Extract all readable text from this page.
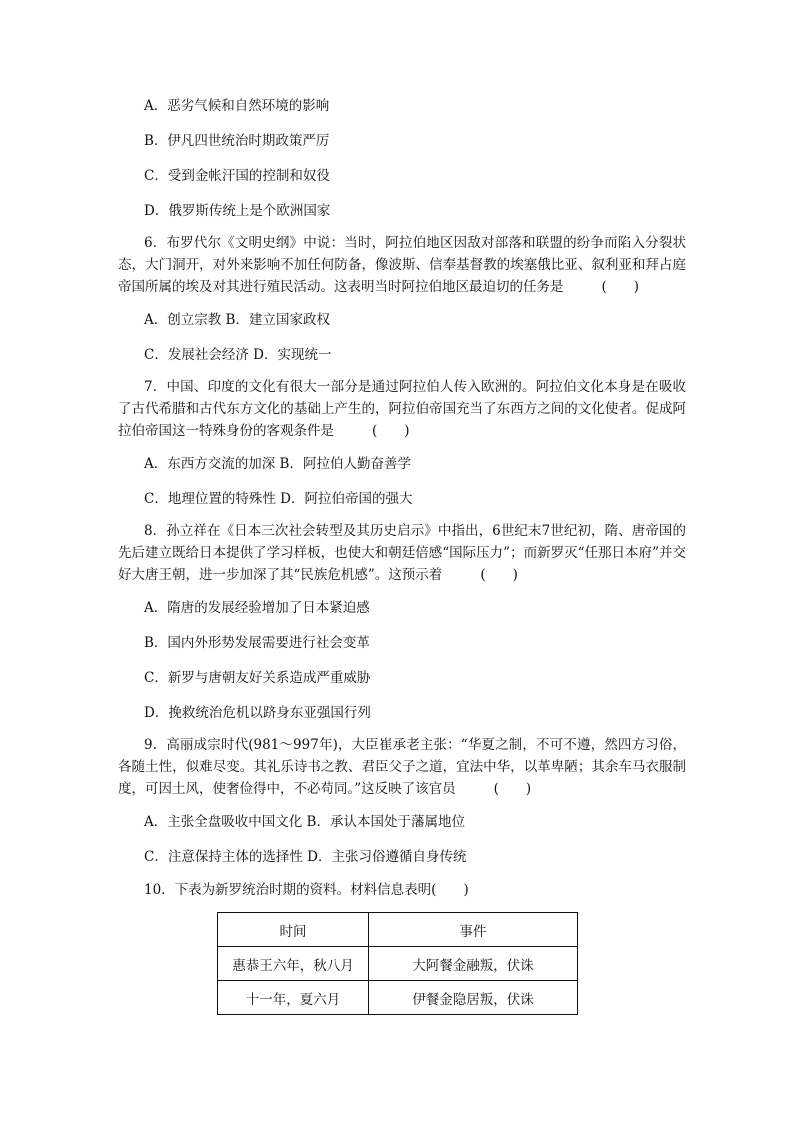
A．恶劣气候和自然环境的影响
B．伊凡四世统治时期政策严厉
C．受到金帐汗国的控制和奴役
D．俄罗斯传统上是个欧洲国家
6．布罗代尔《文明史纲》中说：当时，阿拉伯地区因敌对部落和联盟的纷争而陷入分裂状态，大门洞开，对外来影响不加任何防备，像波斯、信奉基督教的埃塞俄比亚、叙利亚和拜占庭帝国所属的埃及对其进行殖民活动。这表明当时阿拉伯地区最迫切的任务是	(　　)
A．创立宗教 B．建立国家政权
C．发展社会经济 D．实现统一
7．中国、印度的文化有很大一部分是通过阿拉伯人传入欧洲的。阿拉伯文化本身是在吸收了古代希腊和古代东方文化的基础上产生的，阿拉伯帝国充当了东西方之间的文化使者。促成阿拉伯帝国这一特殊身份的客观条件是	(　　)
A．东西方交流的加深 B．阿拉伯人勤奋善学
C．地理位置的特殊性 D．阿拉伯帝国的强大
8．孙立祥在《日本三次社会转型及其历史启示》中指出，6世纪末7世纪初，隋、唐帝国的先后建立既给日本提供了学习样板，也使大和朝廷倍感“国际压力”；而新罗灭“任那日本府”并交好大唐王朝，进一步加深了其“民族危机感”。这预示着	(　　)
A．隋唐的发展经验增加了日本紧迫感
B．国内外形势发展需要进行社会变革
C．新罗与唐朝友好关系造成严重威胁
D．挽救统治危机以跻身东亚强国行列
9．高丽成宗时代(981～997年)，大臣崔承老主张：“华夏之制，不可不遵，然四方习俗，各随土性，似难尽变。其礼乐诗书之教、君臣父子之道，宜法中华，以革卑陋；其余车马衣服制度，可因土风，使奢俭得中，不必苟同。”这反映了该官员	(　　)
A．主张全盘吸收中国文化 B．承认本国处于藩属地位
C．注意保持主体的选择性 D．主张习俗遵循自身传统
10．下表为新罗统治时期的资料。材料信息表明(　　)
时间	事件
惠恭王六年，秋八月	大阿餐金融叛，伏诛
十一年，夏六月	伊餐金隐居叛，伏诛
